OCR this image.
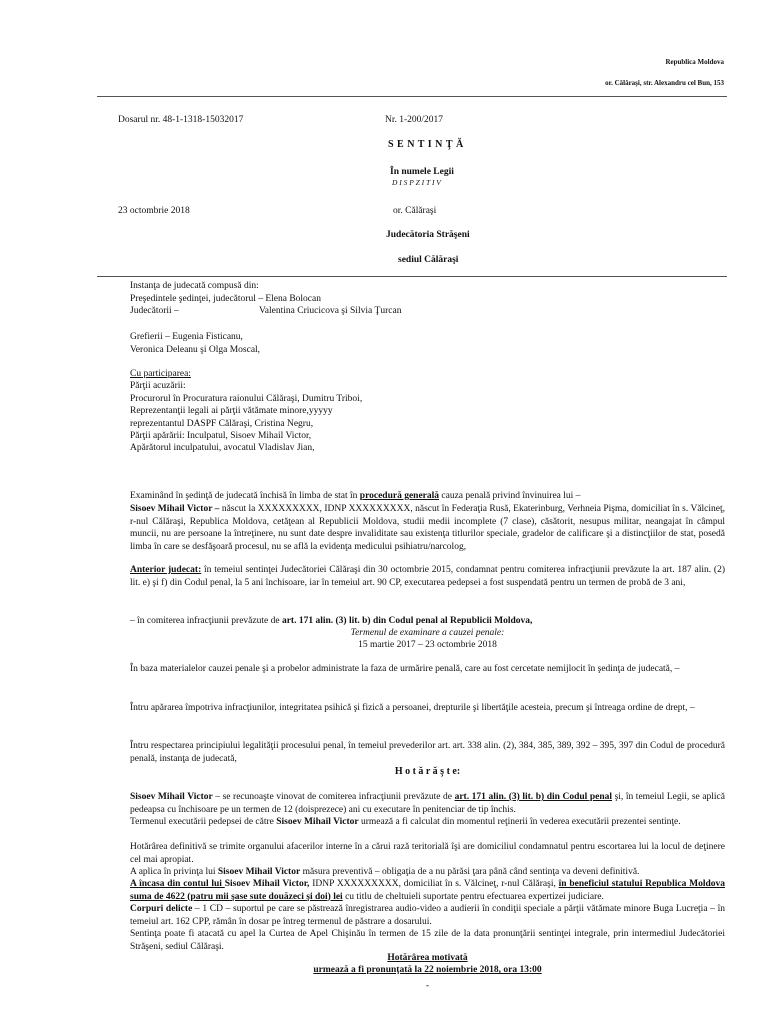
Republica Moldova
or. Călăraşi, str. Alexandru cel Bun, 153
Dosarul nr. 48-1-1318-15032017	Nr. 1-200/2017
S E N T I N Ţ Ă
În numele Legii
D I S P Z I T I V
23 octombrie 2018	or. Călăraşi
Judecătoria Străşeni
sediul Călăraşi
Instanţa de judecată compusă din:
Preşedintele şedinţei, judecătorul – Elena Bolocan
Judecătorii –	Valentina Criucicova şi Silvia Ţurcan
Grefierii – Eugenia Fisticanu,
Veronica Deleanu şi Olga Moscal,
Cu participarea:
Părţii acuzării:
Procurorul în Procuratura raionului Călăraşi, Dumitru Triboi,
Reprezentanţii legali ai părţii vătămate minore,yyyyy
reprezentantul DASPF Călăraşi, Cristina Negru,
Părţii apărării: Inculpatul, Sisoev Mihail Victor,
Apărătorul inculpatului, avocatul Vladislav Jian,
Examinând în şedinţă de judecată închisă în limba de stat în procedură generală cauza penală privind învinuirea lui –
Sisoev Mihail Victor – născut la XXXXXXXXX, IDNP XXXXXXXXX, născut în Federaţia Rusă, Ekaterinburg, Verhneia Pişma, domiciliat în s. Vălcineţ, r-nul Călăraşi, Republica Moldova, cetăţean al Republicii Moldova, studii medii incomplete (7 clase), căsătorit, nesupus militar, neangajat în câmpul muncii, nu are persoane la întreţinere, nu sunt date despre invaliditate sau existenţa titlurilor speciale, gradelor de calificare şi a distincţiilor de stat, posedă limba în care se desfăşoară procesul, nu se află la evidenţa medicului psihiatru/narcolog,
Anterior judecat: în temeiul sentinţei Judecătoriei Călăraşi din 30 octombrie 2015, condamnat pentru comiterea infracţiunii prevăzute la art. 187 alin. (2) lit. e) şi f) din Codul penal, la 5 ani închisoare, iar în temeiul art. 90 CP, executarea pedepsei a fost suspendată pentru un termen de probă de 3 ani,
– în comiterea infracţiunii prevăzute de art. 171 alin. (3) lit. b) din Codul penal al Republicii Moldova,
Termenul de examinare a cauzei penale:
15 martie 2017 – 23 octombrie 2018
În baza materialelor cauzei penale şi a probelor administrate la faza de urmărire penală, care au fost cercetate nemijlocit în şedinţa de judecată, –
Întru apărarea împotriva infracţiunilor, integritatea psihică şi fizică a persoanei, drepturile şi libertăţile acesteia, precum şi întreaga ordine de drept, –
Întru respectarea principiului legalităţii procesului penal, în temeiul prevederilor art. art. 338 alin. (2), 384, 385, 389, 392 – 395, 397 din Codul de procedură penală, instanţa de judecată,
H o t ă r ă ş t e:
Sisoev Mihail Victor – se recunoaşte vinovat de comiterea infracţiunii prevăzute de art. 171 alin. (3) lit. b) din Codul penal şi, în temeiul Legii, se aplică pedeapsa cu închisoare pe un termen de 12 (doisprezece) ani cu executare în penitenciar de tip închis.
Termenul executării pedepsei de către Sisoev Mihail Victor urmează a fi calculat din momentul reţinerii în vederea executării prezentei sentinţe.
Hotărârea definitivă se trimite organului afacerilor interne în a cărui rază teritorială îşi are domiciliul condamnatul pentru escortarea lui la locul de deţinere cel mai apropiat.
A aplica în privinţa lui Sisoev Mihail Victor măsura preventivă – obligaţia de a nu părăsi ţara până când sentinţa va deveni definitivă.
A încasa din contul lui Sisoev Mihail Victor, IDNP XXXXXXXXX, domiciliat în s. Vălcineţ, r-nul Călăraşi, în beneficiul statului Republica Moldova suma de 4622 (patru mii şase sute douăzeci şi doi) lei cu titlu de cheltuieli suportate pentru efectuarea expertizei judiciare.
Corpuri delicte – 1 CD – suportul pe care se păstrează înregistrarea audio-video a audierii în condiţii speciale a părţii vătămate minore Buga Lucreţia – în temeiul art. 162 CPP, rămân în dosar pe întreg termenul de păstrare a dosarului.
Sentinţa poate fi atacată cu apel la Curtea de Apel Chişinău în termen de 15 zile de la data pronunţării sentinţei integrale, prin intermediul Judecătoriei Străşeni, sediul Călăraşi.
Hotărârea motivată
urmează a fi pronunţată la 22 noiembrie 2018, ora 13:00
-
